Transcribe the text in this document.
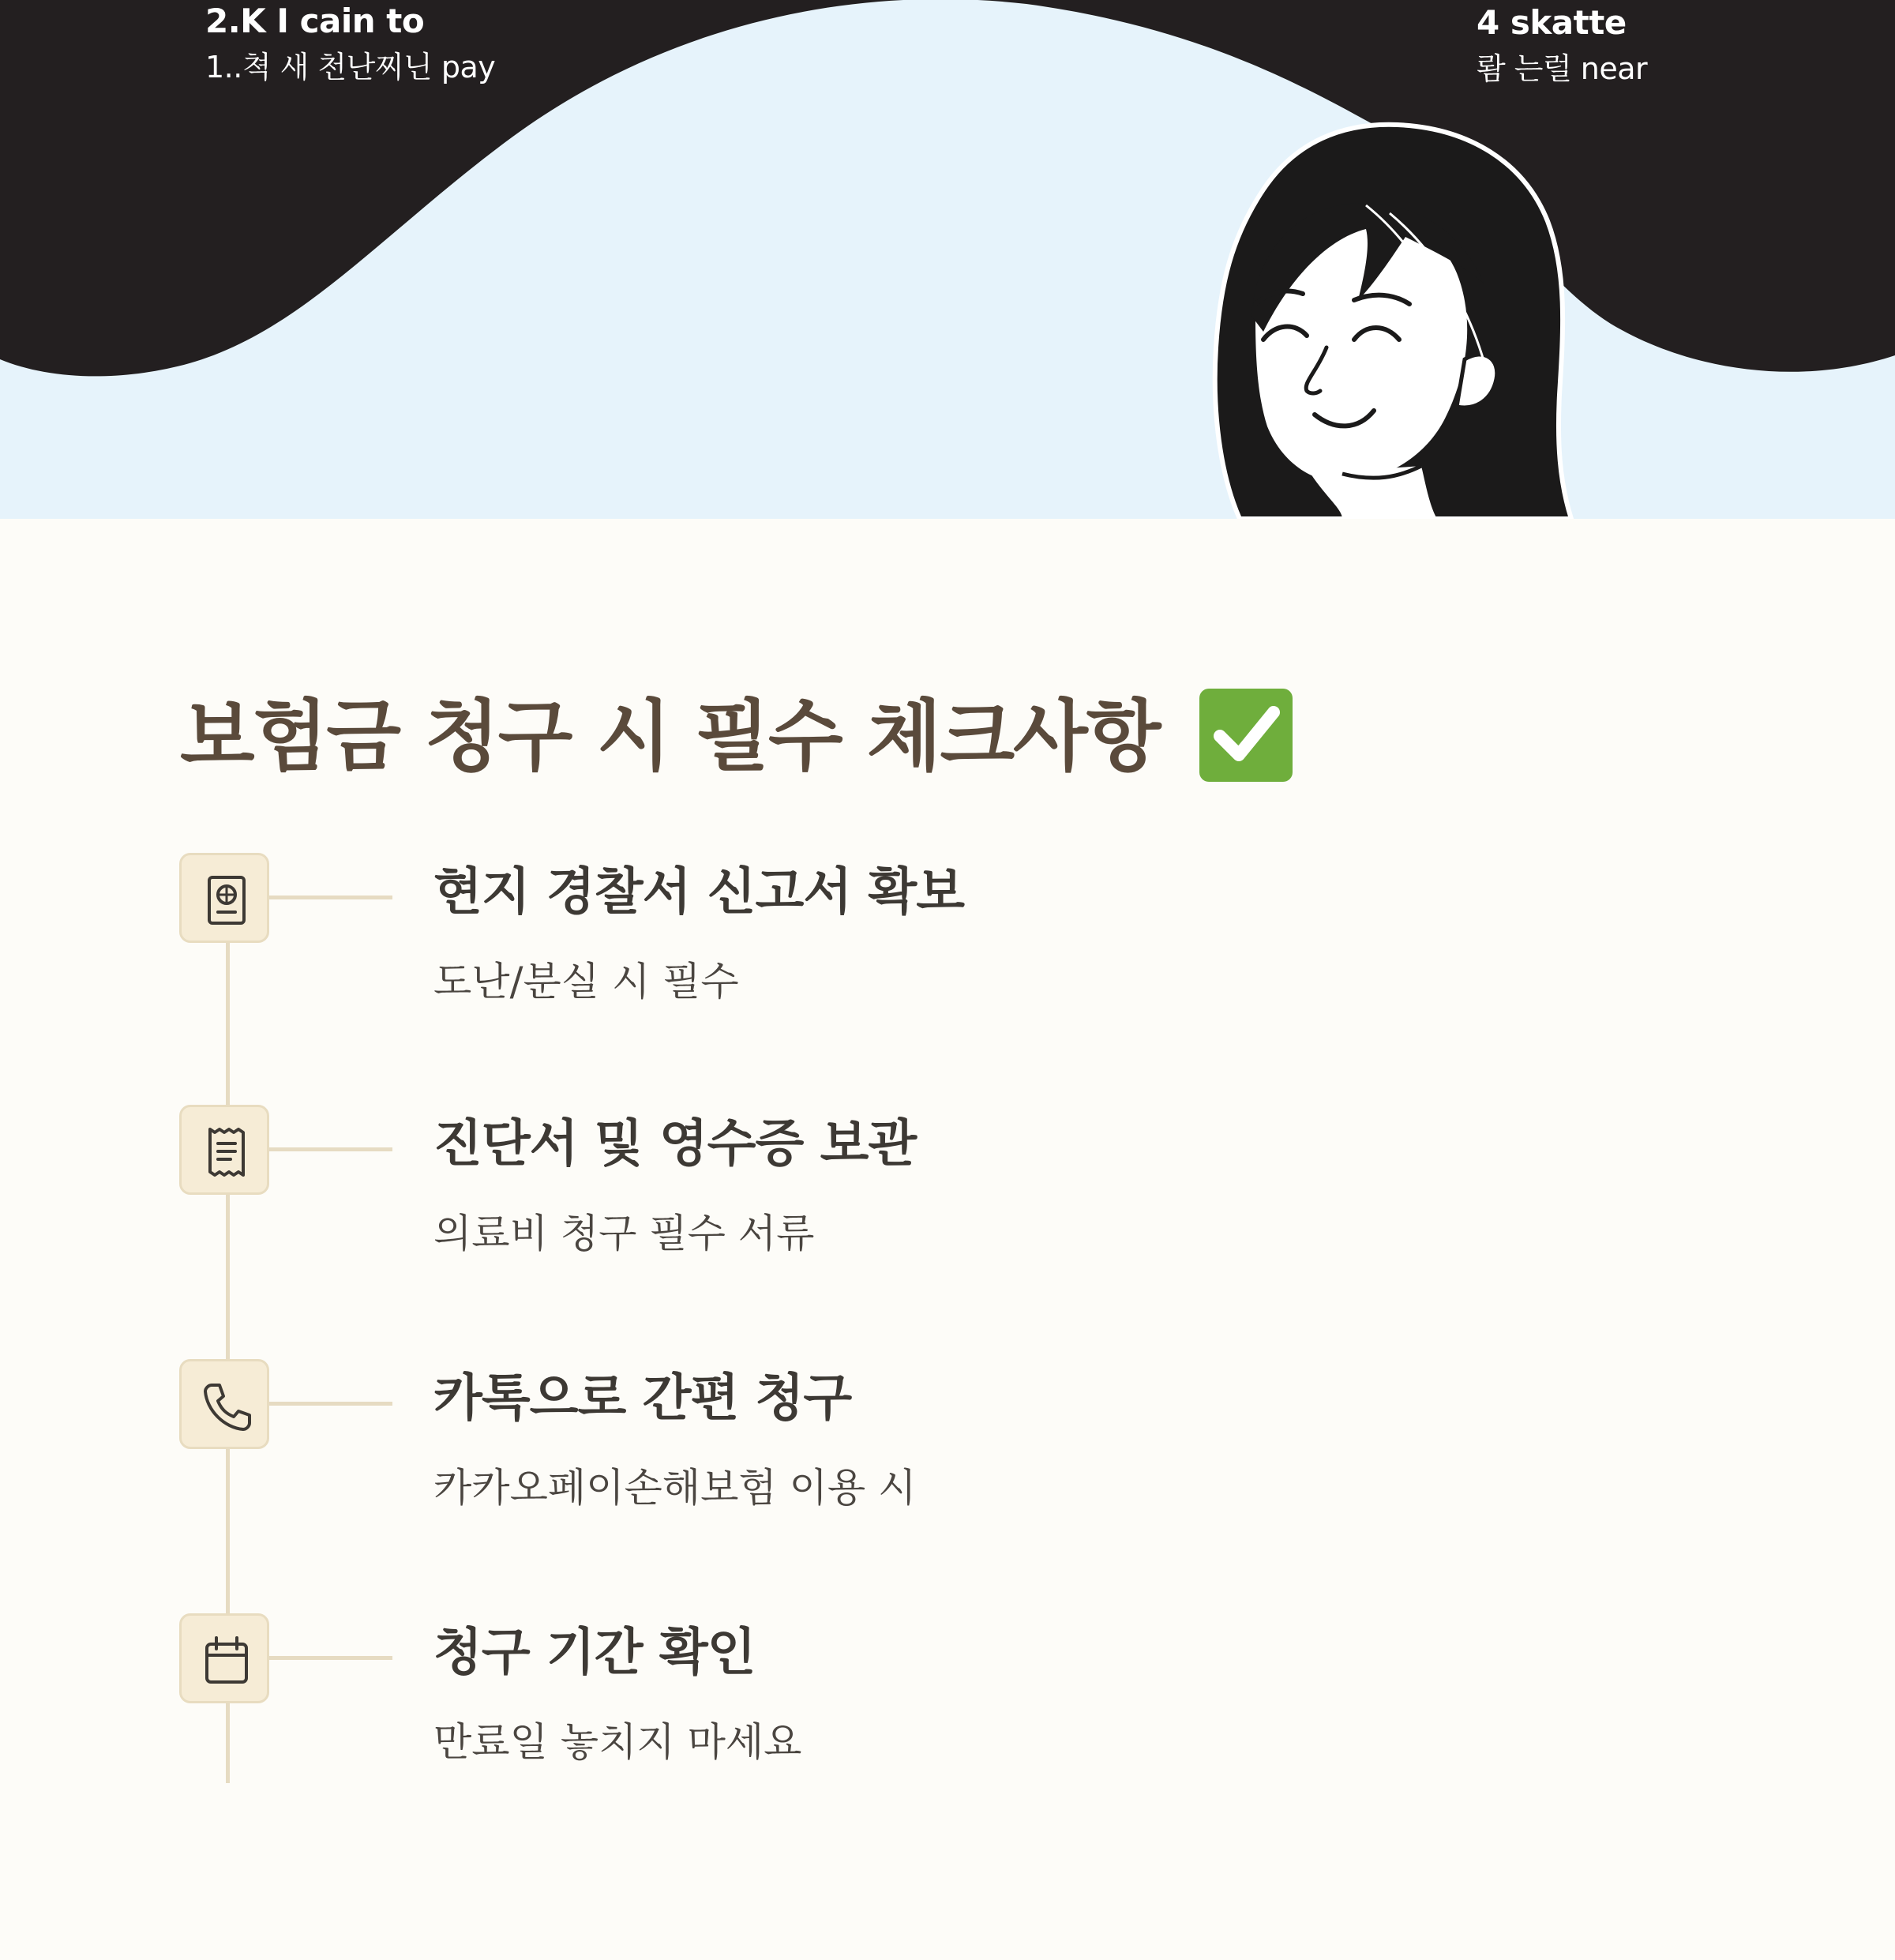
2.K I cain to
1..쳑 새 천난찌닌 pay
4 skatte
뢈 는럴 near
보험금 청구 시 필수 체크사항
현지 경찰서 신고서 확보

도난/분실 시 필수

진단서 및 영수증 보관

의료비 청구 필수 서류

카톡으로 간편 청구

카카오페이손해보험 이용 시

청구 기간 확인

만료일 놓치지 마세요
